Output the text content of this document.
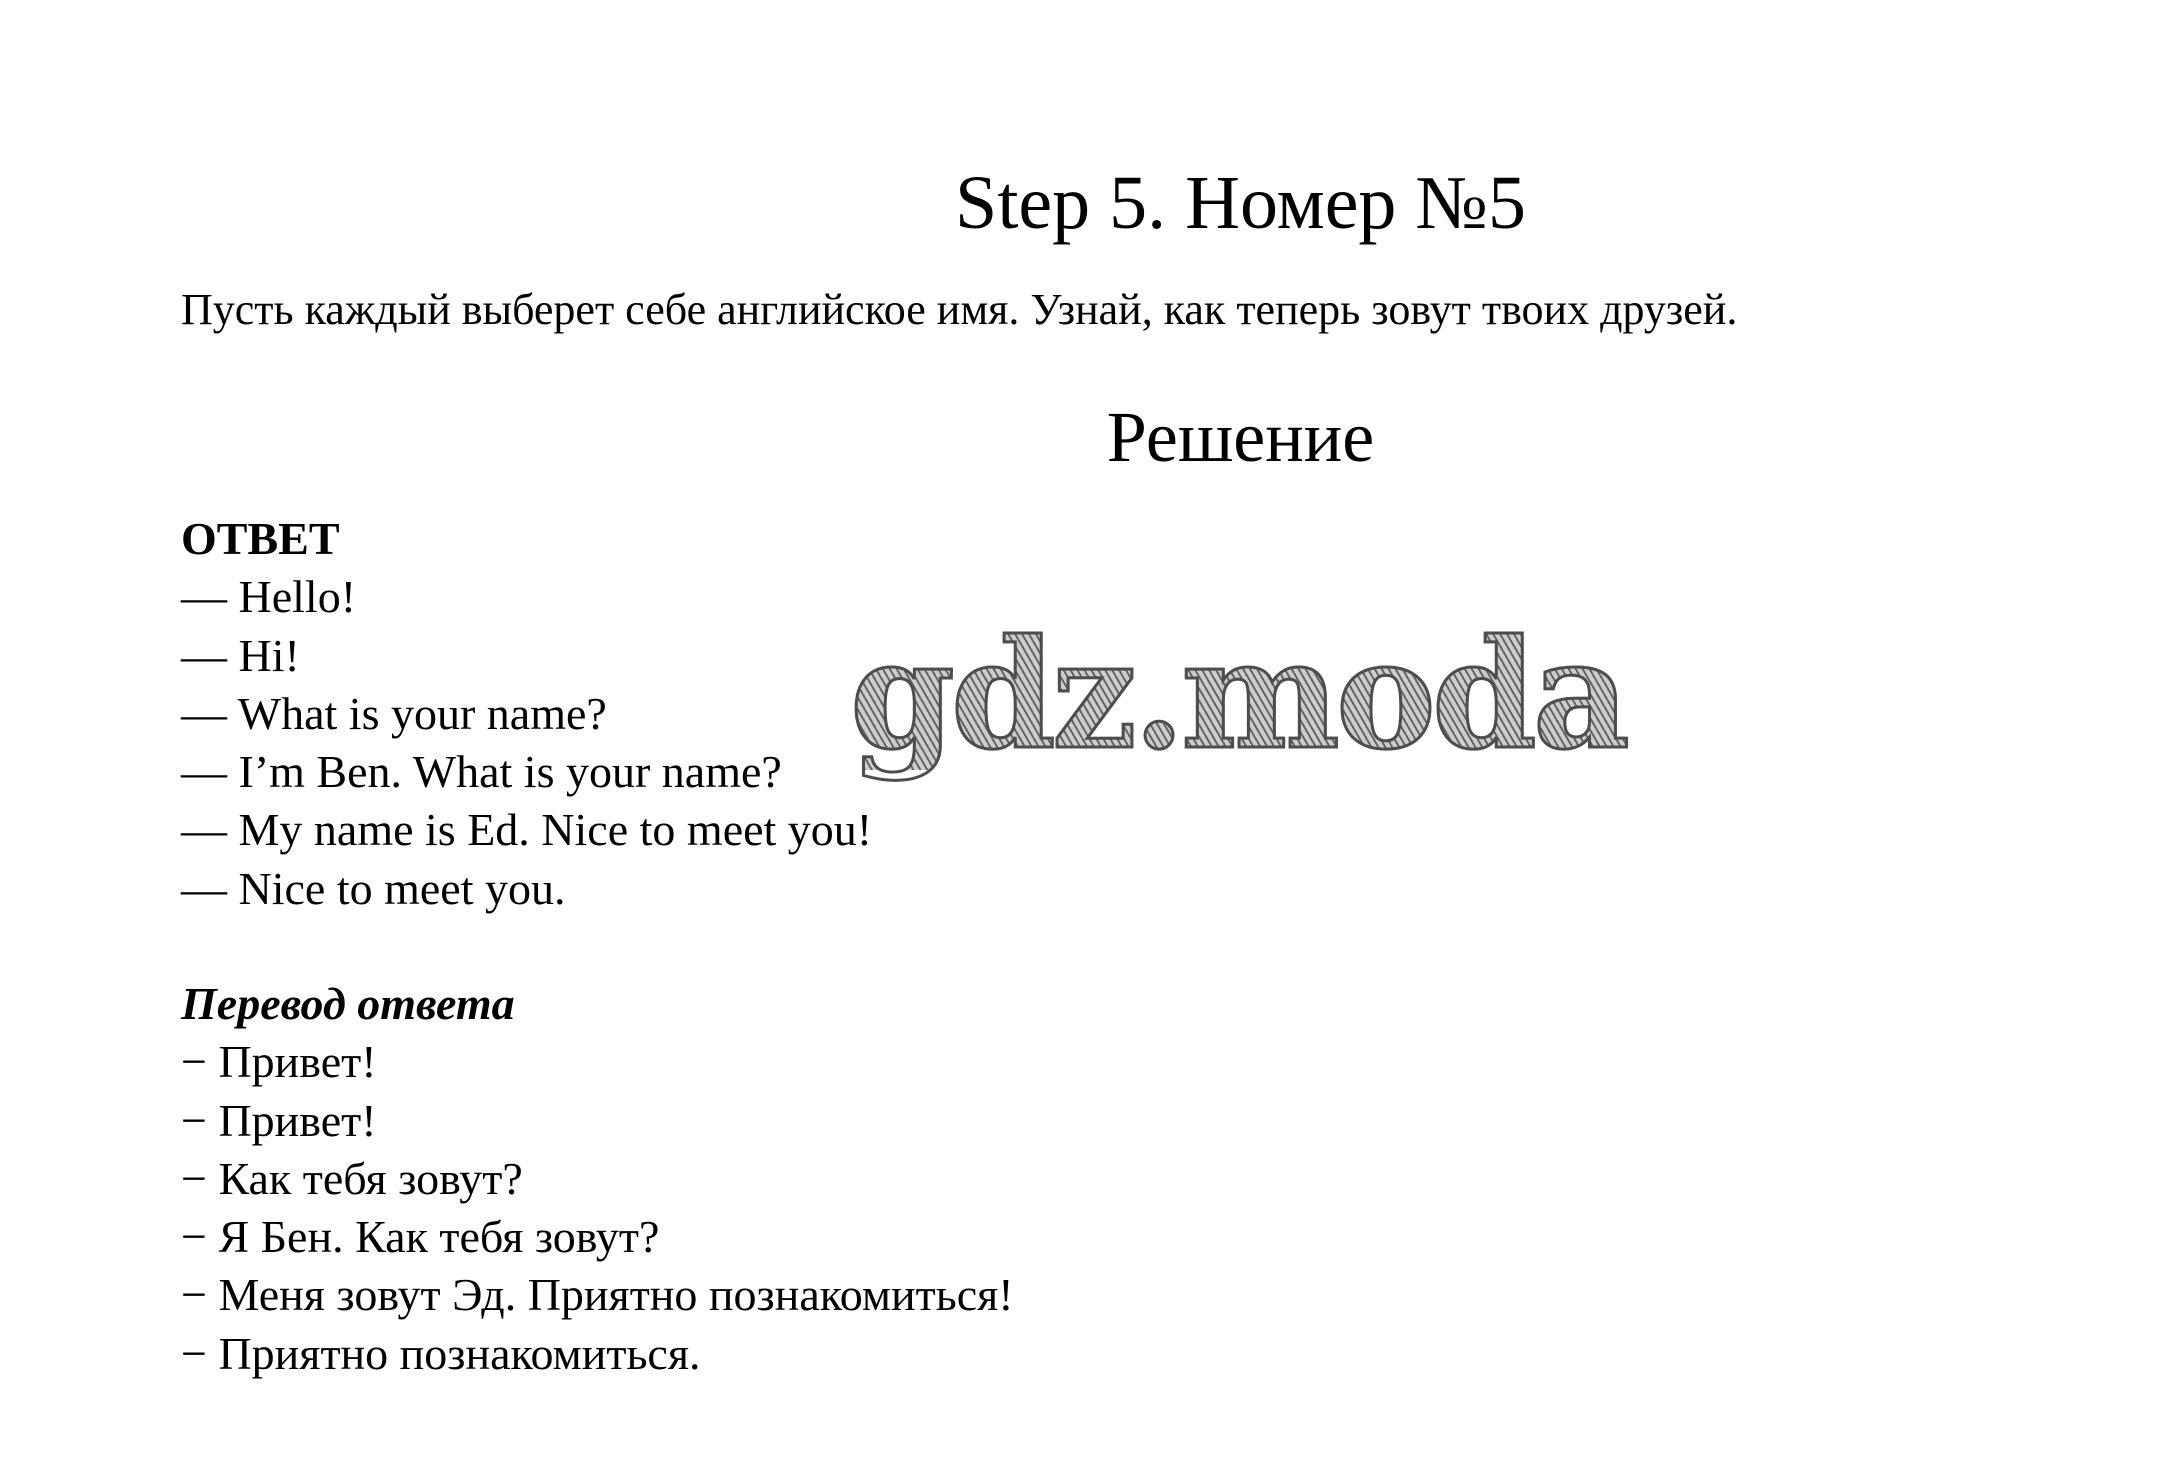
Step 5. Номер №5
Пусть каждый выберет себе английское имя. Узнай, как теперь зовут твоих друзей.
Решение
ОТВЕТ
— Hello!
— Hi!
— What is your name?
— I’m Ben. What is your name?
— My name is Ed. Nice to meet you!
— Nice to meet you.
Перевод ответа
− Привет!
− Привет!
− Как тебя зовут?
− Я Бен. Как тебя зовут?
− Меня зовут Эд. Приятно познакомиться!
− Приятно познакомиться.
gdz.moda
